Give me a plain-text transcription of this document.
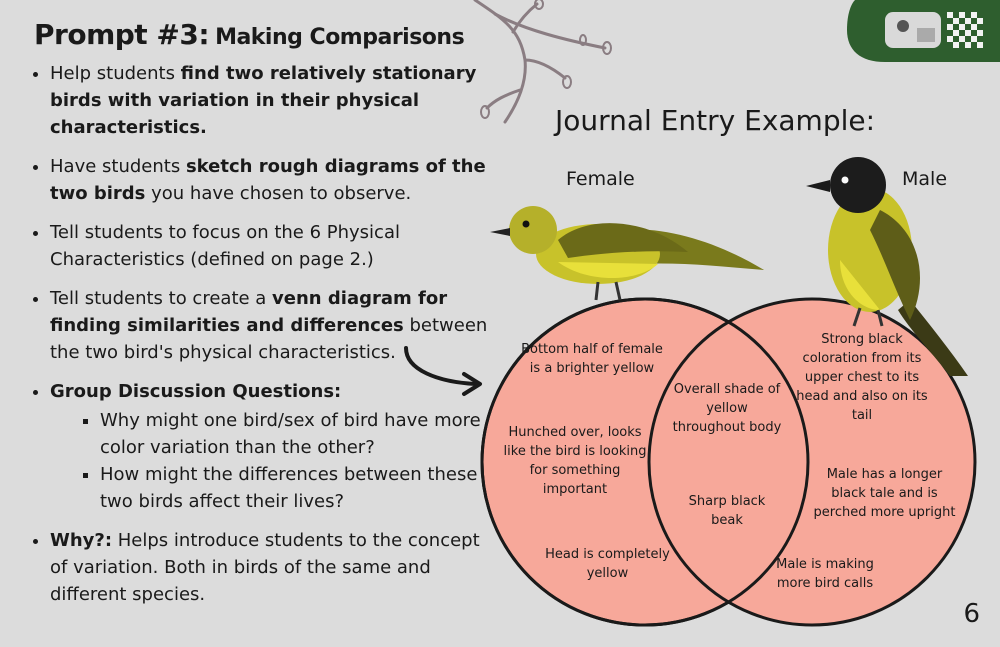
Prompt #3: Making Comparisons
• Help students find two relatively stationary birds with variation in their physical characteristics.
• Have students sketch rough diagrams of the two birds you have chosen to observe.
• Tell students to focus on the 6 Physical Characteristics (defined on page 2.)
• Tell students to create a venn diagram for finding similarities and differences between the two bird's physical characteristics.
• Group Discussion Questions:
▪ Why might one bird/sex of bird have more color variation than the other?
▪ How might the differences between these two birds affect their lives?
• Why?: Helps introduce students to the concept of variation. Both in birds of the same and different species.
Journal Entry Example:
Female	Male
Bottom half of female is a brighter yellow
Hunched over, looks like the bird is looking for something important
Head is completely yellow
Overall shade of yellow throughout body
Sharp black beak
Strong black coloration from its upper chest to its head and also on its tail
Male has a longer black tale and is perched more upright
Male is making more bird calls
6
